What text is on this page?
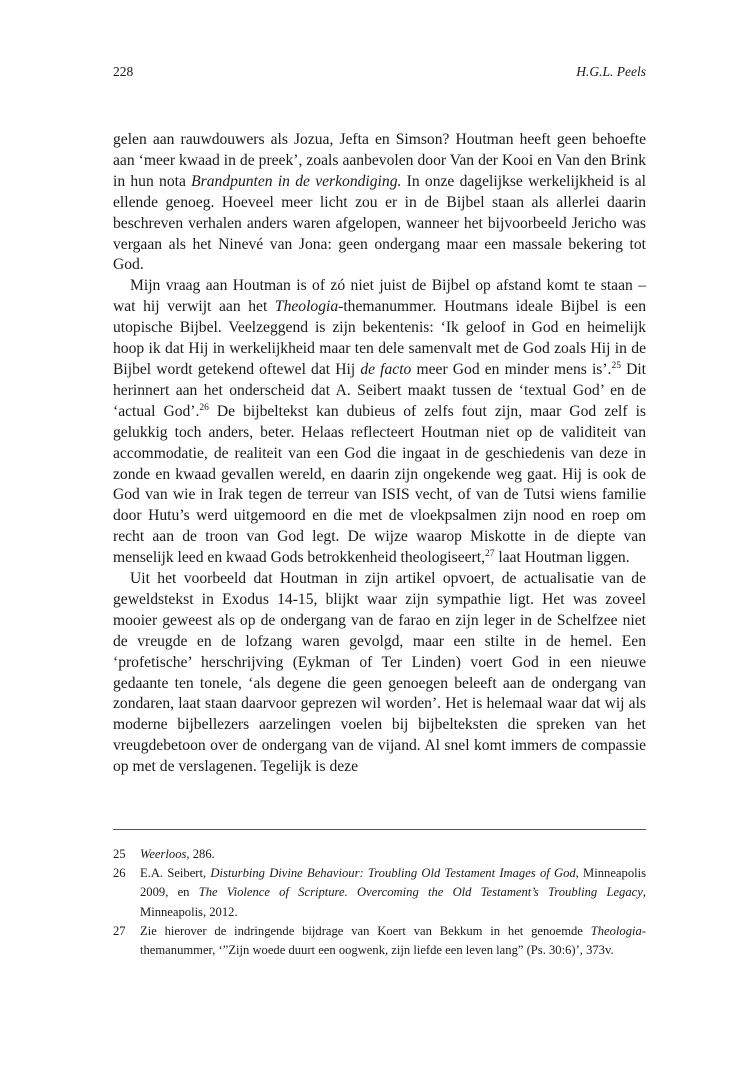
228	H.G.L. Peels

gelen aan rauwdouwers als Jozua, Jefta en Simson? Houtman heeft geen behoefte aan ‘meer kwaad in de preek’, zoals aanbevolen door Van der Kooi en Van den Brink in hun nota Brandpunten in de verkondiging. In onze dagelijkse werkelijkheid is al ellende genoeg. Hoeveel meer licht zou er in de Bijbel staan als allerlei daarin beschreven verhalen anders waren afgelopen, wanneer het bijvoorbeeld Jericho was vergaan als het Ninevé van Jona: geen ondergang maar een massale bekering tot God.

Mijn vraag aan Houtman is of zó niet juist de Bijbel op afstand komt te staan – wat hij verwijt aan het Theologia-themanummer. Houtmans ideale Bijbel is een utopische Bijbel. Veelzeggend is zijn bekentenis: ‘Ik geloof in God en heimelijk hoop ik dat Hij in werkelijkheid maar ten dele samenvalt met de God zoals Hij in de Bijbel wordt getekend oftewel dat Hij de facto meer God en minder mens is’.$^{25}$ Dit herinnert aan het onderscheid dat A. Seibert maakt tussen de ‘textual God’ en de ‘actual God’.$^{26}$ De bijbeltekst kan dubieus of zelfs fout zijn, maar God zelf is gelukkig toch anders, beter. Helaas reflecteert Houtman niet op de validiteit van accommodatie, de realiteit van een God die ingaat in de geschiedenis van deze in zonde en kwaad gevallen wereld, en daarin zijn ongekende weg gaat. Hij is ook de God van wie in Irak tegen de terreur van ISIS vecht, of van de Tutsi wiens familie door Hutu’s werd uitgemoord en die met de vloekpsalmen zijn nood en roep om recht aan de troon van God legt. De wijze waarop Miskotte in de diepte van menselijk leed en kwaad Gods betrokkenheid theologiseert,$^{27}$ laat Houtman liggen.

Uit het voorbeeld dat Houtman in zijn artikel opvoert, de actualisatie van de geweldstekst in Exodus 14-15, blijkt waar zijn sympathie ligt. Het was zoveel mooier geweest als op de ondergang van de farao en zijn leger in de Schelfzee niet de vreugde en de lofzang waren gevolgd, maar een stilte in de hemel. Een ‘profetische’ herschrijving (Eykman of Ter Linden) voert God in een nieuwe gedaante ten tonele, ‘als degene die geen genoegen beleeft aan de ondergang van zondaren, laat staan daarvoor geprezen wil worden’. Het is helemaal waar dat wij als moderne bijbellezers aarzelingen voelen bij bijbelteksten die spreken van het vreugdebetoon over de ondergang van de vijand. Al snel komt immers de compassie op met de verslagenen. Tegelijk is deze

25 Weerloos, 286.

26 E.A. Seibert, Disturbing Divine Behaviour: Troubling Old Testament Images of God, Minneapolis 2009, en The Violence of Scripture. Overcoming the Old Testament’s Troubling Legacy, Minneapolis, 2012.

27 Zie hierover de indringende bijdrage van Koert van Bekkum in het genoemde Theologia-themanummer, ‘”Zijn woede duurt een oogwenk, zijn liefde een leven lang” (Ps. 30:6)’, 373v.
